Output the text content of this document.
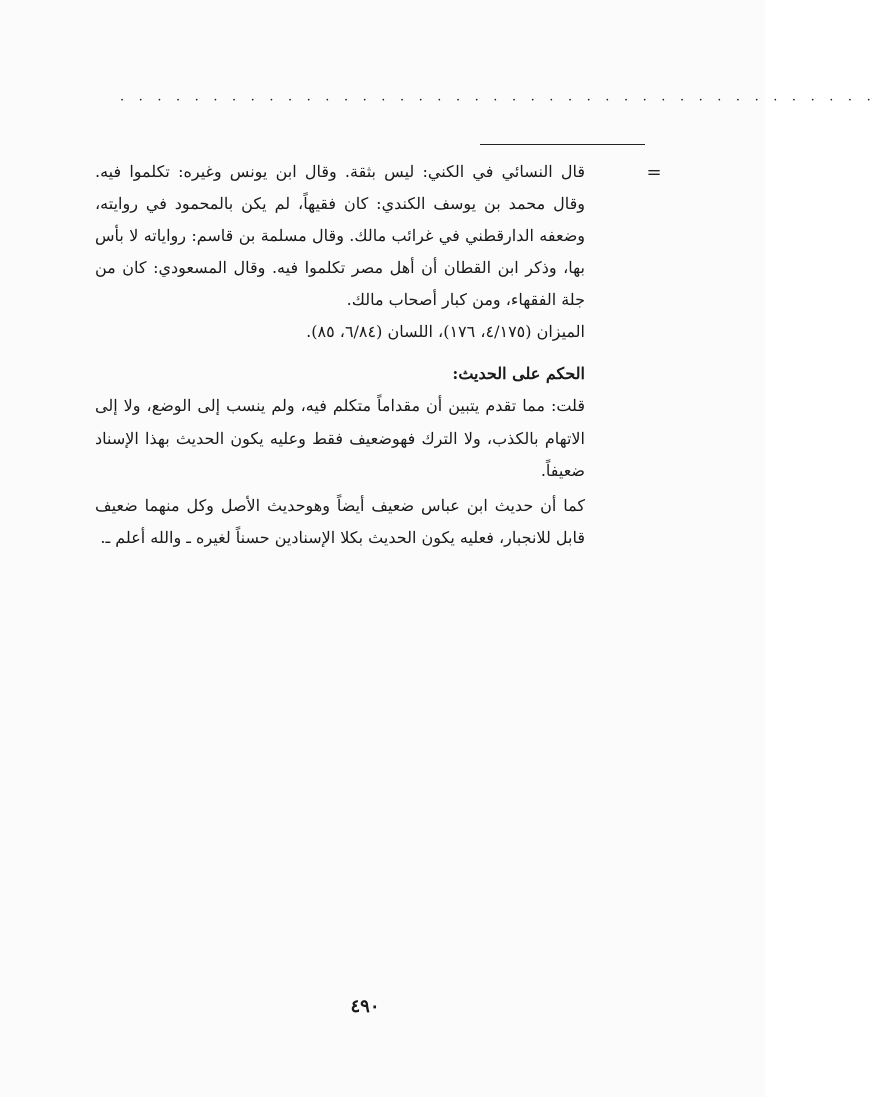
· · · · · · · · · · · · · · · · · · · · · · · · · · · · · · · · · · · · · · · · ·
=

قال النسائي في الكني: ليس بثقة. وقال ابن يونس وغيره: تكلموا فيه. وقال محمد بن يوسف الكندي: كان فقيهاً، لم يكن بالمحمود في روايته، وضعفه الدارقطني في غرائب مالك. وقال مسلمة بن قاسم: رواياته لا بأس بها، وذكر ابن القطان أن أهل مصر تكلموا فيه. وقال المسعودي: كان من جلة الفقهاء، ومن كبار أصحاب مالك.

الميزان (٤/١٧٥، ١٧٦)، اللسان (٦/٨٤، ٨٥).

الحكم على الحديث:

قلت: مما تقدم يتبين أن مقداماً متكلم فيه، ولم ينسب إلى الوضع، ولا إلى الاتهام بالكذب، ولا الترك فهوضعيف فقط وعليه يكون الحديث بهذا الإسناد ضعيفاً.

كما أن حديث ابن عباس ضعيف أيضاً وهوحديث الأصل وكل منهما ضعيف قابل للانجبار، فعليه يكون الحديث بكلا الإسنادين حسناً لغيره ـ والله أعلم ـ.

٤٩٠
